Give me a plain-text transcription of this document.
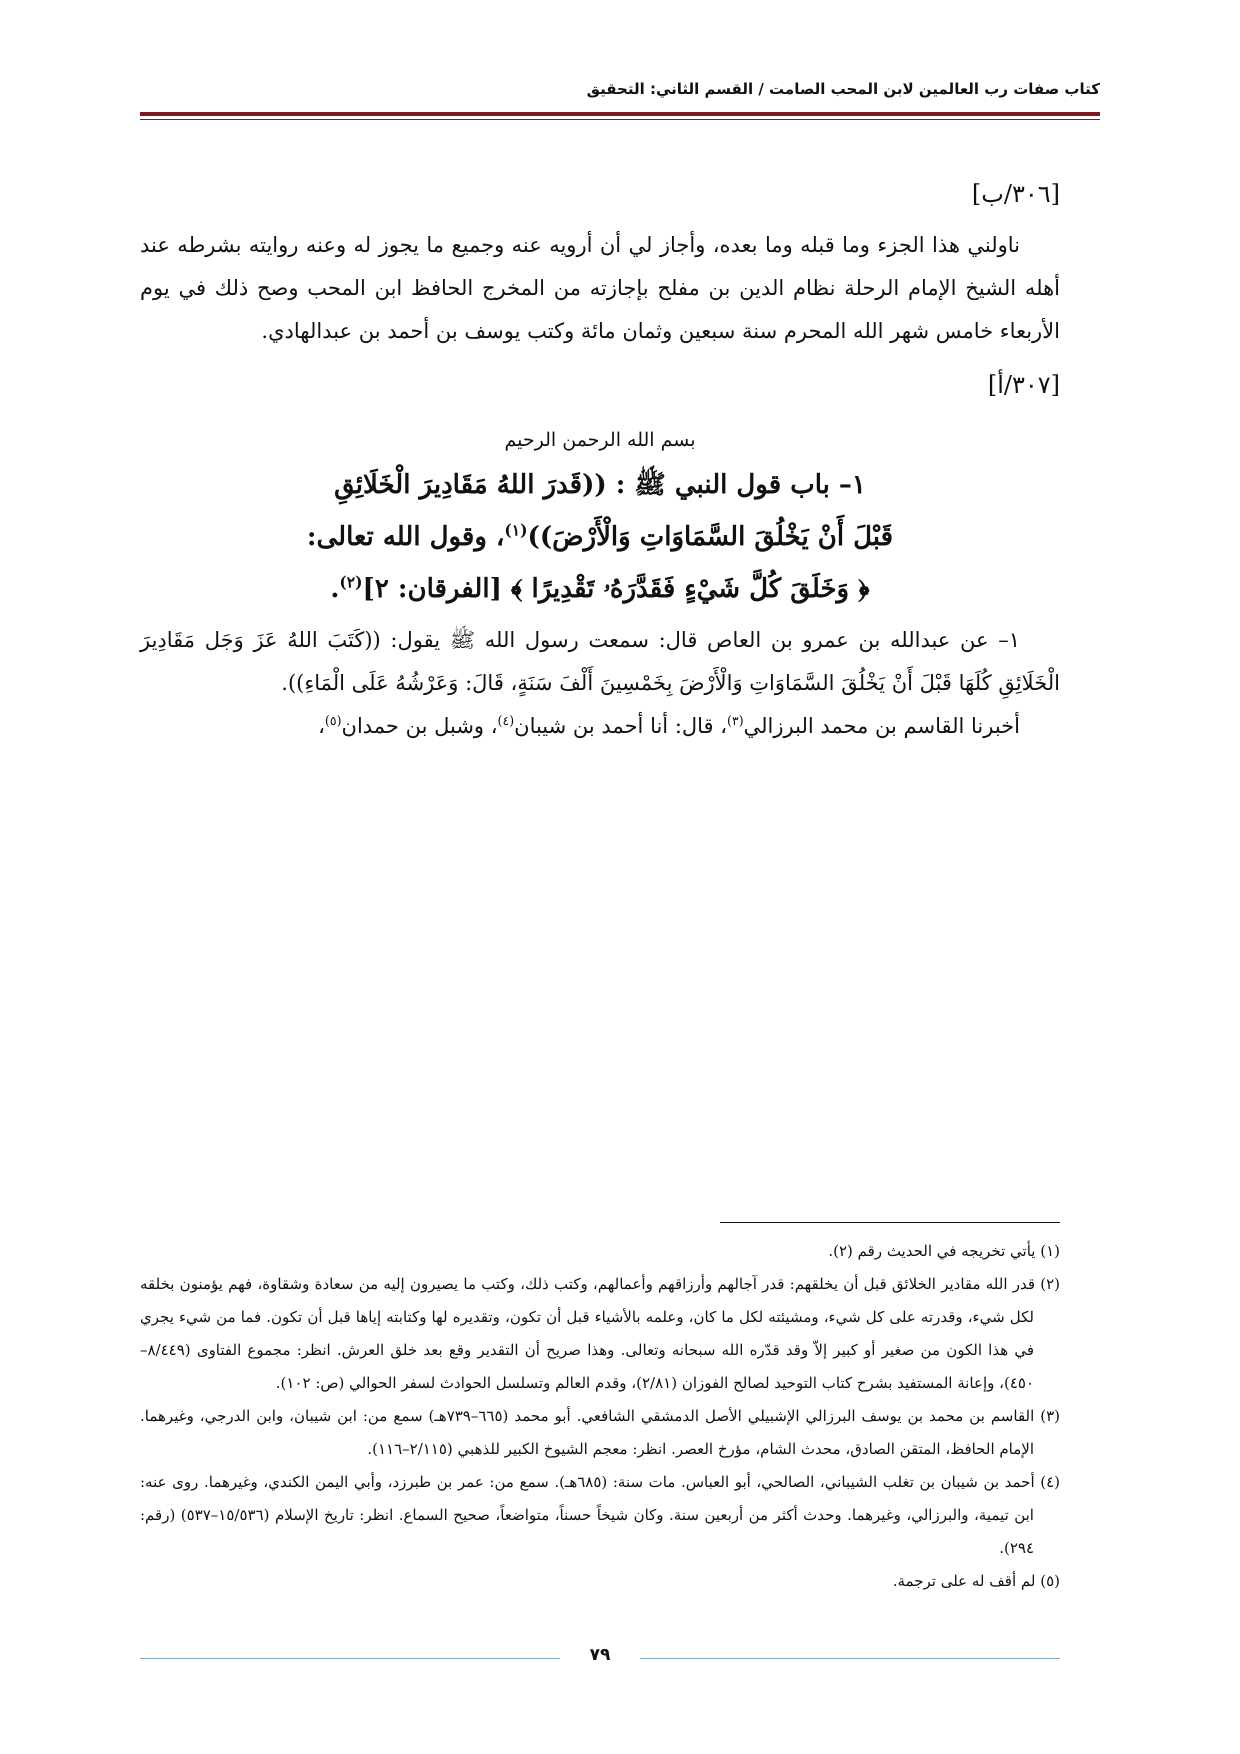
كتاب صفات رب العالمين لابن المحب الصامت / القسم الثاني: التحقيق
[٣٠٦/ب]

ناولني هذا الجزء وما قبله وما بعده، وأجاز لي أن أرويه عنه وجميع ما يجوز له وعنه روايته بشرطه عند أهله الشيخ الإمام الرحلة نظام الدين بن مفلح بإجازته من المخرج الحافظ ابن المحب وصح ذلك في يوم الأربعاء خامس شهر الله المحرم سنة سبعين وثمان مائة وكتب يوسف بن أحمد بن عبدالهادي.

[٣٠٧/أ]
بسم الله الرحمن الرحيم
١– باب قول النبي ﷺ : ((قَدرَ اللهُ مَقَادِيرَ الْخَلَائِقِ
قَبْلَ أَنْ يَخْلُقَ السَّمَاوَاتِ وَالْأَرْضَ))$^{(١)}$، وقول الله تعالى:
﴿ وَخَلَقَ كُلَّ شَيْءٍ فَقَدَّرَهُۥ تَقْدِيرًا ﴾ [الفرقان: ٢]$^{(٢)}$.

١– عن عبدالله بن عمرو بن العاص قال: سمعت رسول الله ﷺ يقول: ((كَتَبَ اللهُ عَزَ وَجَل مَقَادِيرَ الْخَلَائِقِ كُلَهَا قَبْلَ أَنْ يَخْلُقَ السَّمَاوَاتِ وَالْأَرْضَ بِخَمْسِينَ أَلْفَ سَنَةٍ، قَالَ: وَعَرْشُهُ عَلَى الْمَاءِ)).

أخبرنا القاسم بن محمد البرزالي$^{(٣)}$، قال: أنا أحمد بن شيبان$^{(٤)}$، وشبل بن حمدان$^{(٥)}$،

(١) يأتي تخريجه في الحديث رقم (٢).

(٢) قدر الله مقادير الخلائق قبل أن يخلقهم: قدر آجالهم وأرزاقهم وأعمالهم، وكتب ذلك، وكتب ما يصيرون إليه من سعادة وشقاوة، فهم يؤمنون بخلقه لكل شيء، وقدرته على كل شيء، ومشيئته لكل ما كان، وعلمه بالأشياء قبل أن تكون، وتقديره لها وكتابته إياها قبل أن تكون. فما من شيء يجري في هذا الكون من صغير أو كبير إلاّ وقد قدّره الله سبحانه وتعالى. وهذا صريح أن التقدير وقع بعد خلق العرش. انظر: مجموع الفتاوى (٨/٤٤٩–٤٥٠)، وإعانة المستفيد بشرح كتاب التوحيد لصالح الفوزان (٢/٨١)، وقدم العالم وتسلسل الحوادث لسفر الحوالي (ص: ١٠٢).

(٣) القاسم بن محمد بن يوسف البرزالي الإشبيلي الأصل الدمشقي الشافعي. أبو محمد (٦٦٥–٧٣٩هـ) سمع من: ابن شيبان، وابن الدرجي، وغيرهما. الإمام الحافظ، المتقن الصادق، محدث الشام، مؤرخ العصر. انظر: معجم الشيوخ الكبير للذهبي (٢/١١٥–١١٦).

(٤) أحمد بن شيبان بن تغلب الشيباني، الصالحي، أبو العباس. مات سنة: (٦٨٥هـ). سمع من: عمر بن طبرزد، وأبي اليمن الكندي، وغيرهما. روى عنه: ابن تيمية، والبرزالي، وغيرهما. وحدث أكثر من أربعين سنة. وكان شيخاً حسناً، متواضعاً، صحيح السماع. انظر: تاريخ الإسلام (١٥/٥٣٦–٥٣٧) (رقم: ٢٩٤).

(٥) لم أقف له على ترجمة.

٧٩
